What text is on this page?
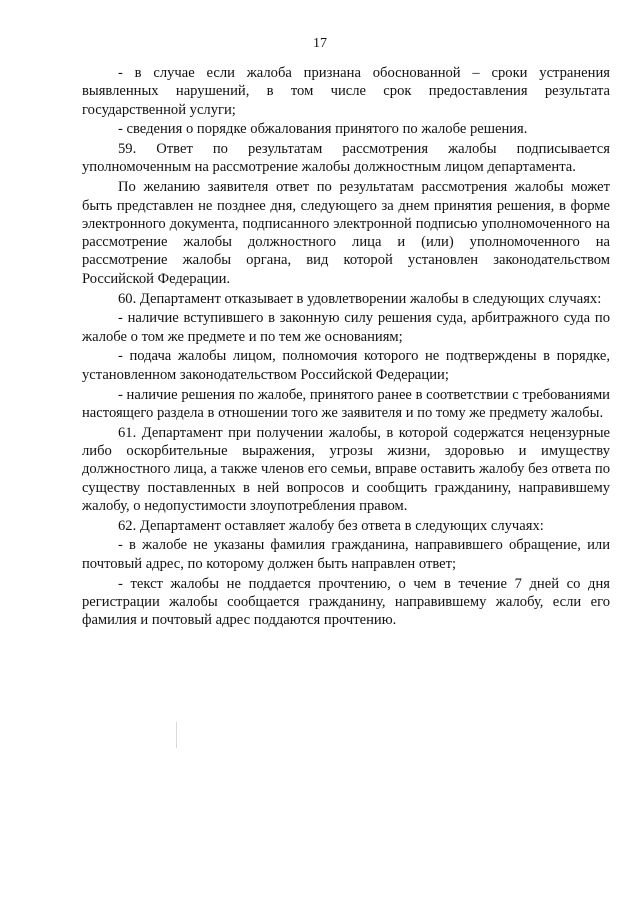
17

- в случае если жалоба признана обоснованной – сроки устранения выявленных нарушений, в том числе срок предоставления результата государственной услуги;

- сведения о порядке обжалования принятого по жалобе решения.

59. Ответ по результатам рассмотрения жалобы подписывается уполномоченным на рассмотрение жалобы должностным лицом департамента.

По желанию заявителя ответ по результатам рассмотрения жалобы может быть представлен не позднее дня, следующего за днем принятия решения, в форме электронного документа, подписанного электронной подписью уполномоченного на рассмотрение жалобы должностного лица и (или) уполномоченного на рассмотрение жалобы органа, вид которой установлен законодательством Российской Федерации.

60. Департамент отказывает в удовлетворении жалобы в следующих случаях:

- наличие вступившего в законную силу решения суда, арбитражного суда по жалобе о том же предмете и по тем же основаниям;

- подача жалобы лицом, полномочия которого не подтверждены в порядке, установленном законодательством Российской Федерации;

- наличие решения по жалобе, принятого ранее в соответствии с требованиями настоящего раздела в отношении того же заявителя и по тому же предмету жалобы.

61. Департамент при получении жалобы, в которой содержатся нецензурные либо оскорбительные выражения, угрозы жизни, здоровью и имуществу должностного лица, а также членов его семьи, вправе оставить жалобу без ответа по существу поставленных в ней вопросов и сообщить гражданину, направившему жалобу, о недопустимости злоупотребления правом.

62. Департамент оставляет жалобу без ответа в следующих случаях:

- в жалобе не указаны фамилия гражданина, направившего обращение, или почтовый адрес, по которому должен быть направлен ответ;

- текст жалобы не поддается прочтению, о чем в течение 7 дней со дня регистрации жалобы сообщается гражданину, направившему жалобу, если его фамилия и почтовый адрес поддаются прочтению.
